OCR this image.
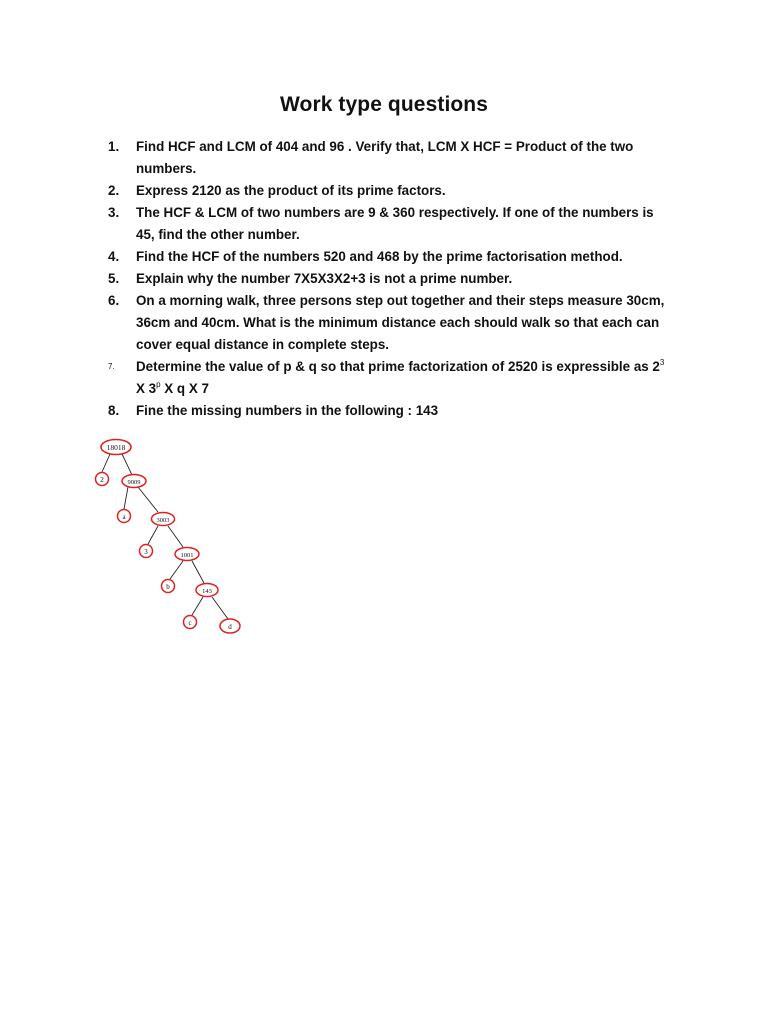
Work type questions
1.	Find HCF and LCM of 404 and 96 . Verify that, LCM X HCF = Product of the two numbers.
2.	Express 2120 as the product of its prime factors.
3.	The HCF & LCM of two numbers are 9 & 360 respectively. If one of the numbers is 45, find the other number.
4.	Find the HCF of the numbers 520 and 468 by the prime factorisation method.
5.	Explain why the number 7X5X3X2+3 is not a prime number.
6.	On a morning walk, three persons step out together and their steps measure 30cm, 36cm and 40cm. What is the minimum distance each should walk so that each can cover equal distance in complete steps.
7.	Determine the value of p & q so that prime factorization of 2520 is expressible as $2^3$ X 3$^p$ X q X 7
8.	Fine the missing numbers in the following : 143
18018
2	9009
a	3003
3	1001
b
143
c	d
